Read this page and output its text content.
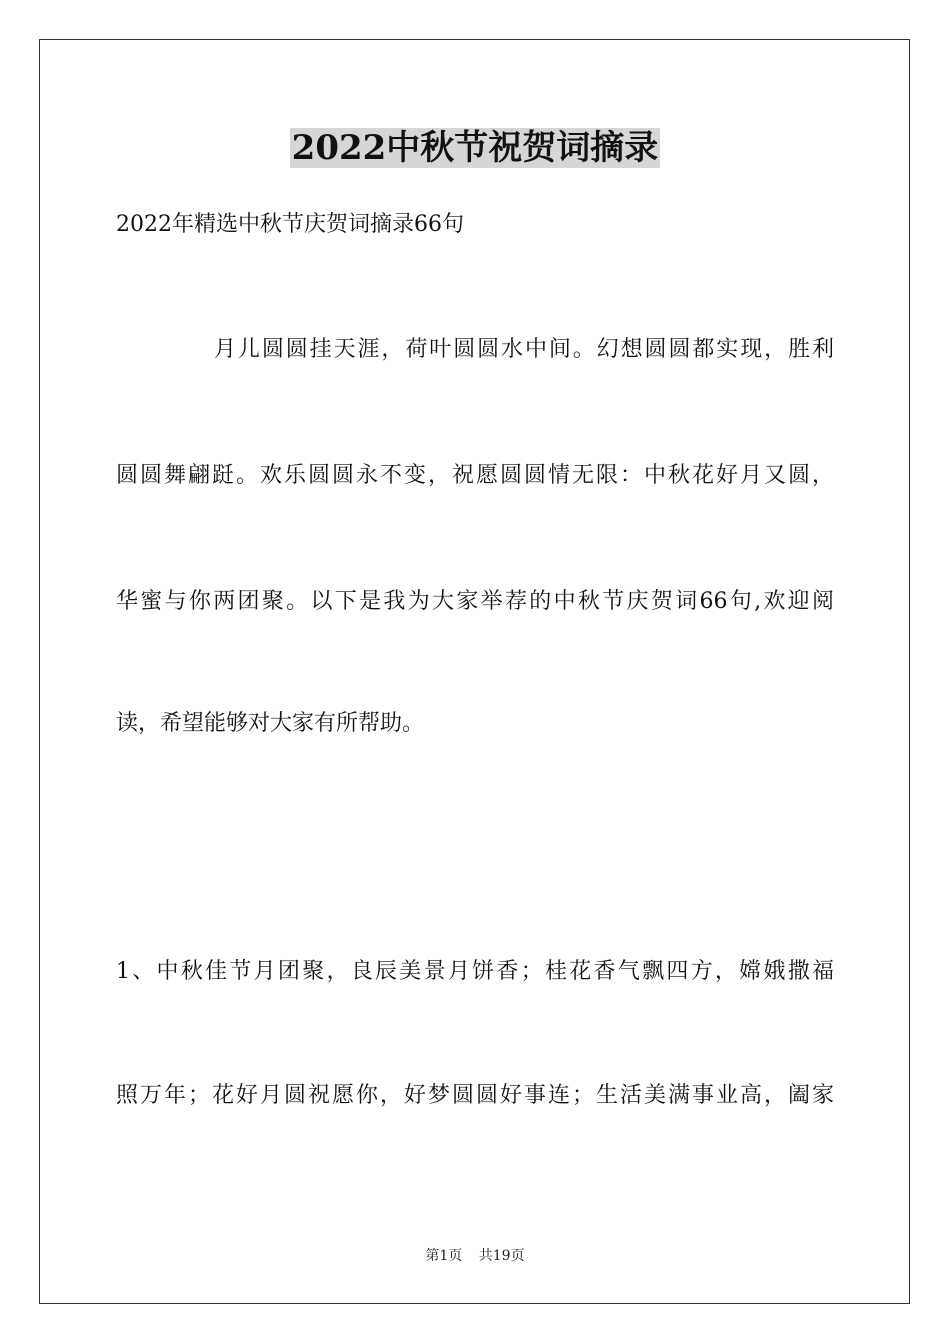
2022中秋节祝贺词摘录
2022年精选中秋节庆贺词摘录66句
月儿圆圆挂天涯，荷叶圆圆水中间。幻想圆圆都实现，胜利
圆圆舞翩跹。欢乐圆圆永不变，祝愿圆圆情无限：中秋花好月又圆，
华蜜与你两团聚。以下是我为大家举荐的中秋节庆贺词66句,欢迎阅
读，希望能够对大家有所帮助。
1、中秋佳节月团聚，良辰美景月饼香；桂花香气飘四方，嫦娥撒福
照万年；花好月圆祝愿你，好梦圆圆好事连；生活美满事业高，阖家
第1页 共19页
